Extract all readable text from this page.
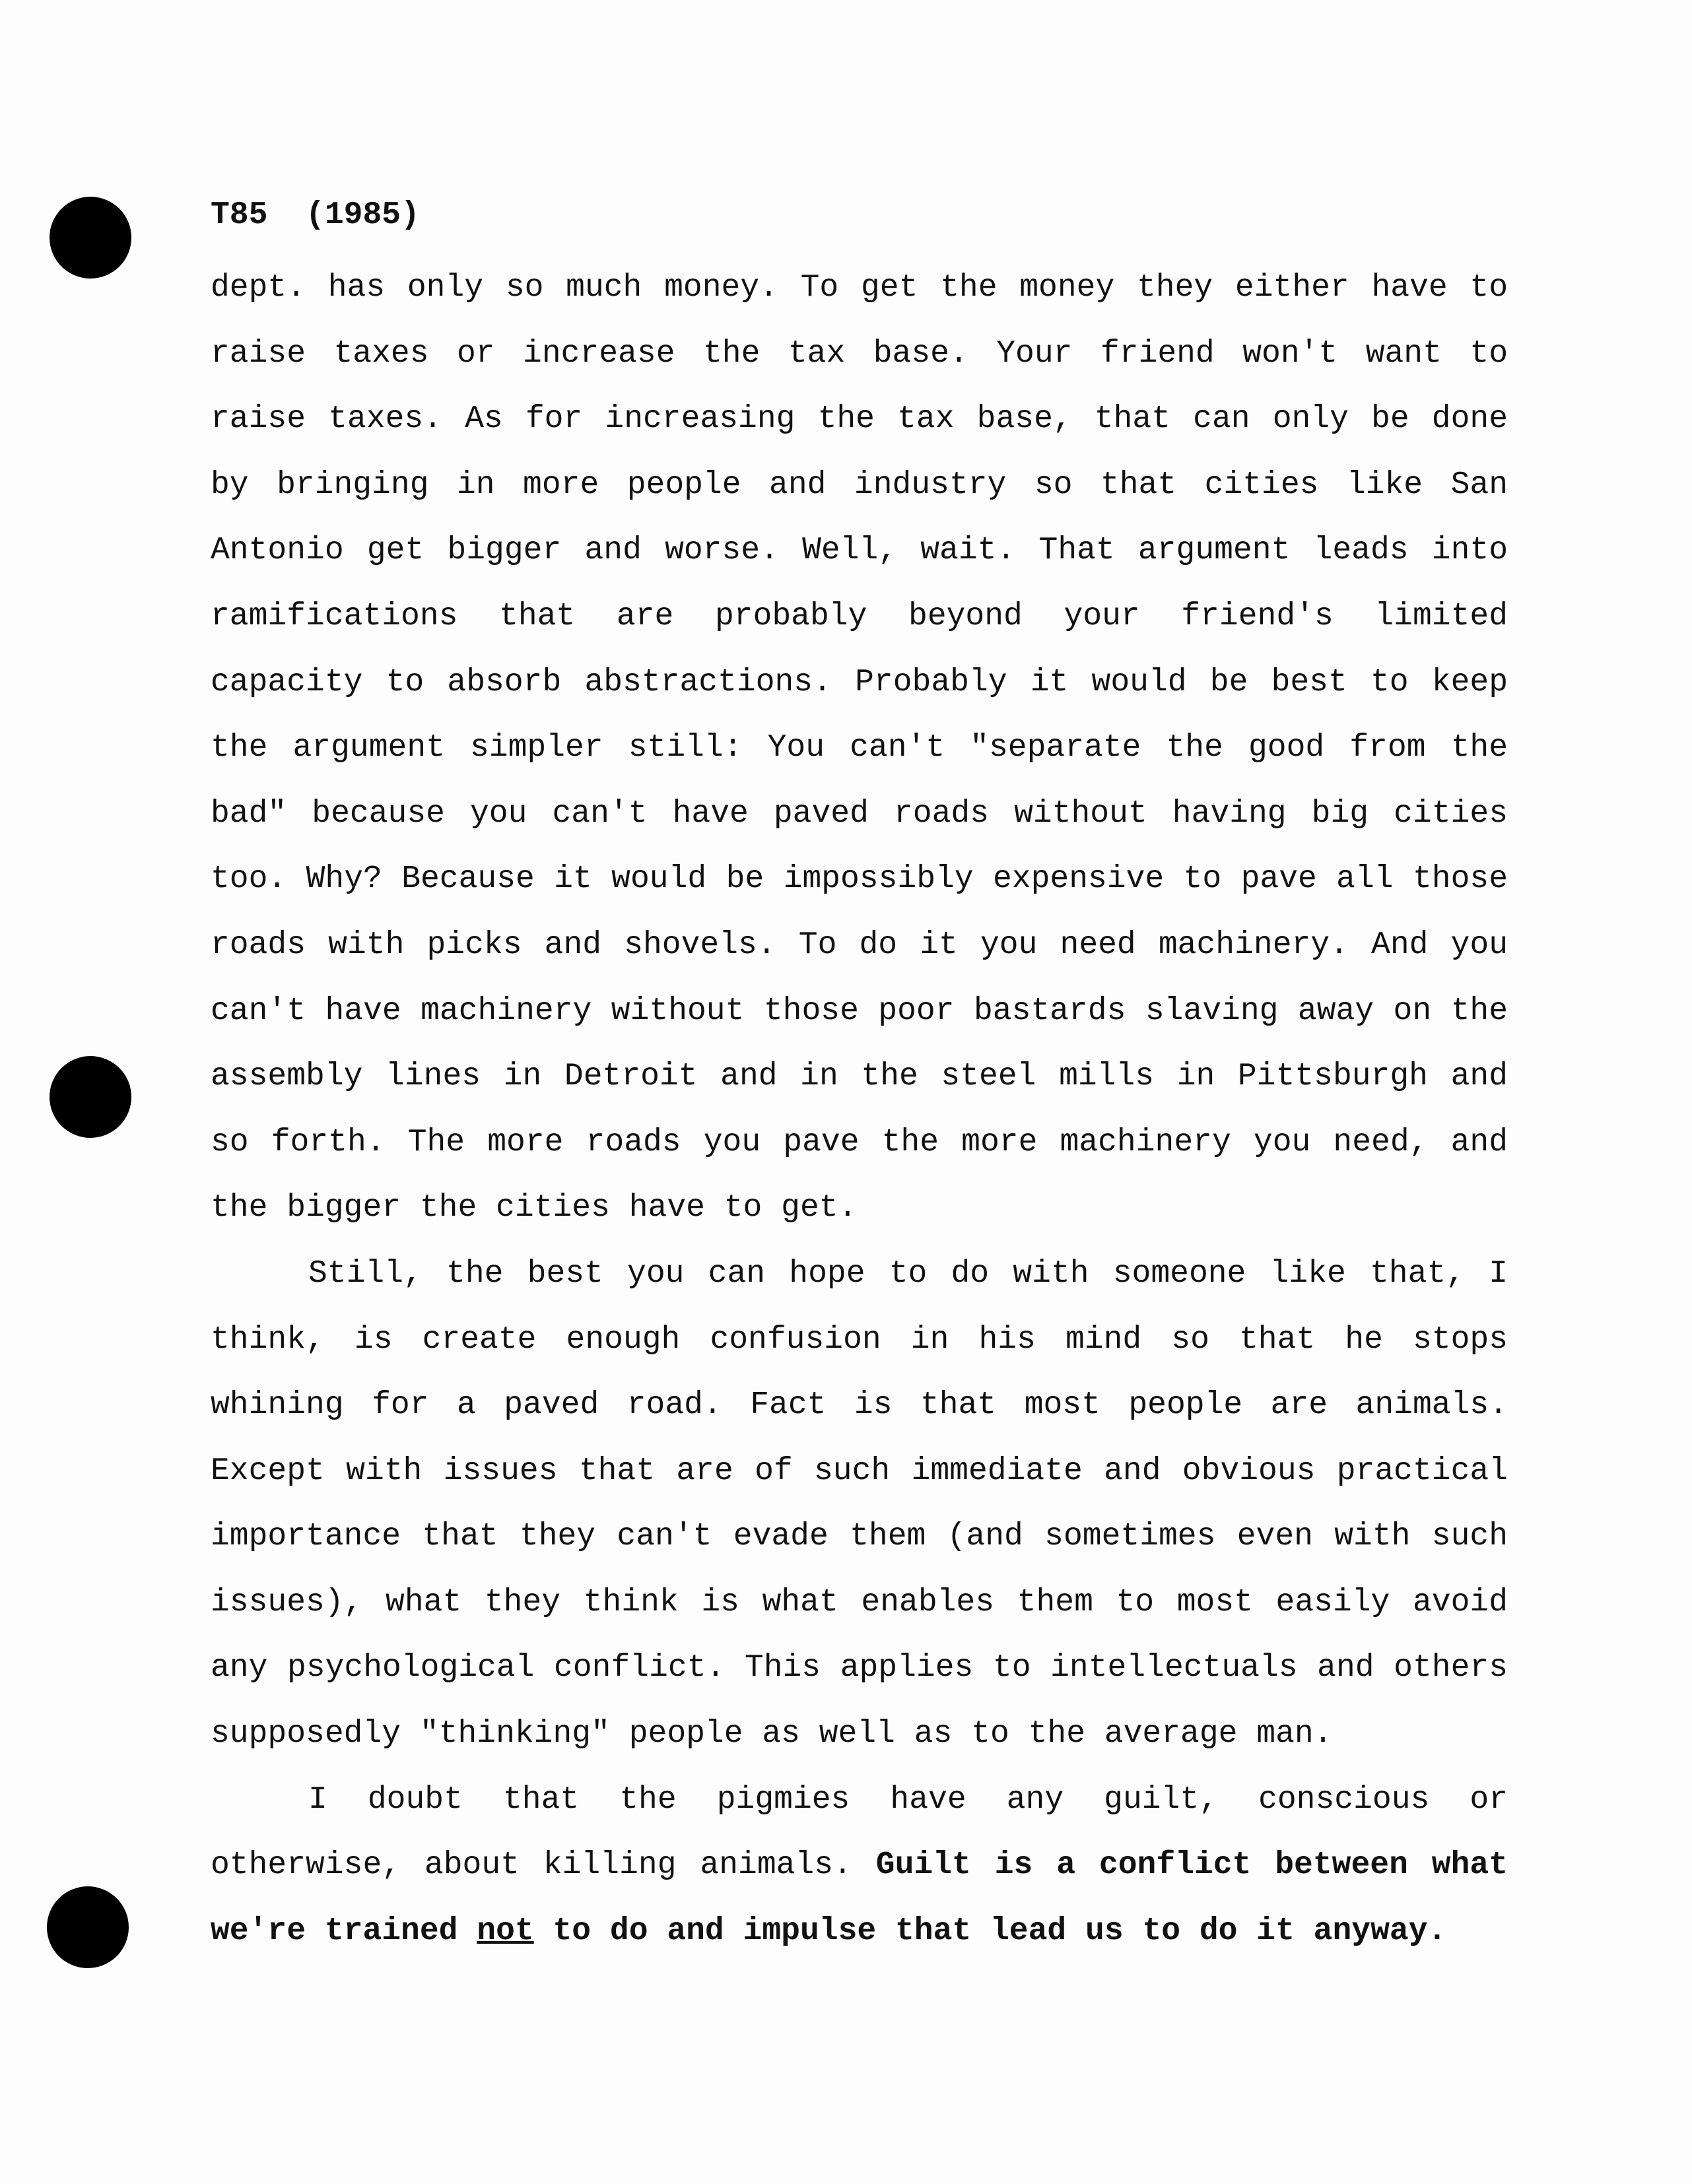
T85 (1985)

dept. has only so much money. To get the money they either have to raise taxes or increase the tax base. Your friend won't want to raise taxes. As for increasing the tax base, that can only be done by bringing in more people and industry so that cities like San Antonio get bigger and worse. Well, wait. That argument leads into ramifications that are probably beyond your friend's limited capacity to absorb abstractions. Probably it would be best to keep the argument simpler still: You can't "separate the good from the bad" because you can't have paved roads without having big cities too. Why? Because it would be impossibly expensive to pave all those roads with picks and shovels. To do it you need machinery. And you can't have machinery without those poor bastards slaving away on the assembly lines in Detroit and in the steel mills in Pittsburgh and so forth. The more roads you pave the more machinery you need, and the bigger the cities have to get.

Still, the best you can hope to do with someone like that, I think, is create enough confusion in his mind so that he stops whining for a paved road. Fact is that most people are animals. Except with issues that are of such immediate and obvious practical importance that they can't evade them (and sometimes even with such issues), what they think is what enables them to most easily avoid any psychological conflict. This applies to intellectuals and others supposedly "thinking" people as well as to the average man.

I doubt that the pigmies have any guilt, conscious or otherwise, about killing animals. Guilt is a conflict between what we're trained not to do and impulse that lead us to do it anyway.
